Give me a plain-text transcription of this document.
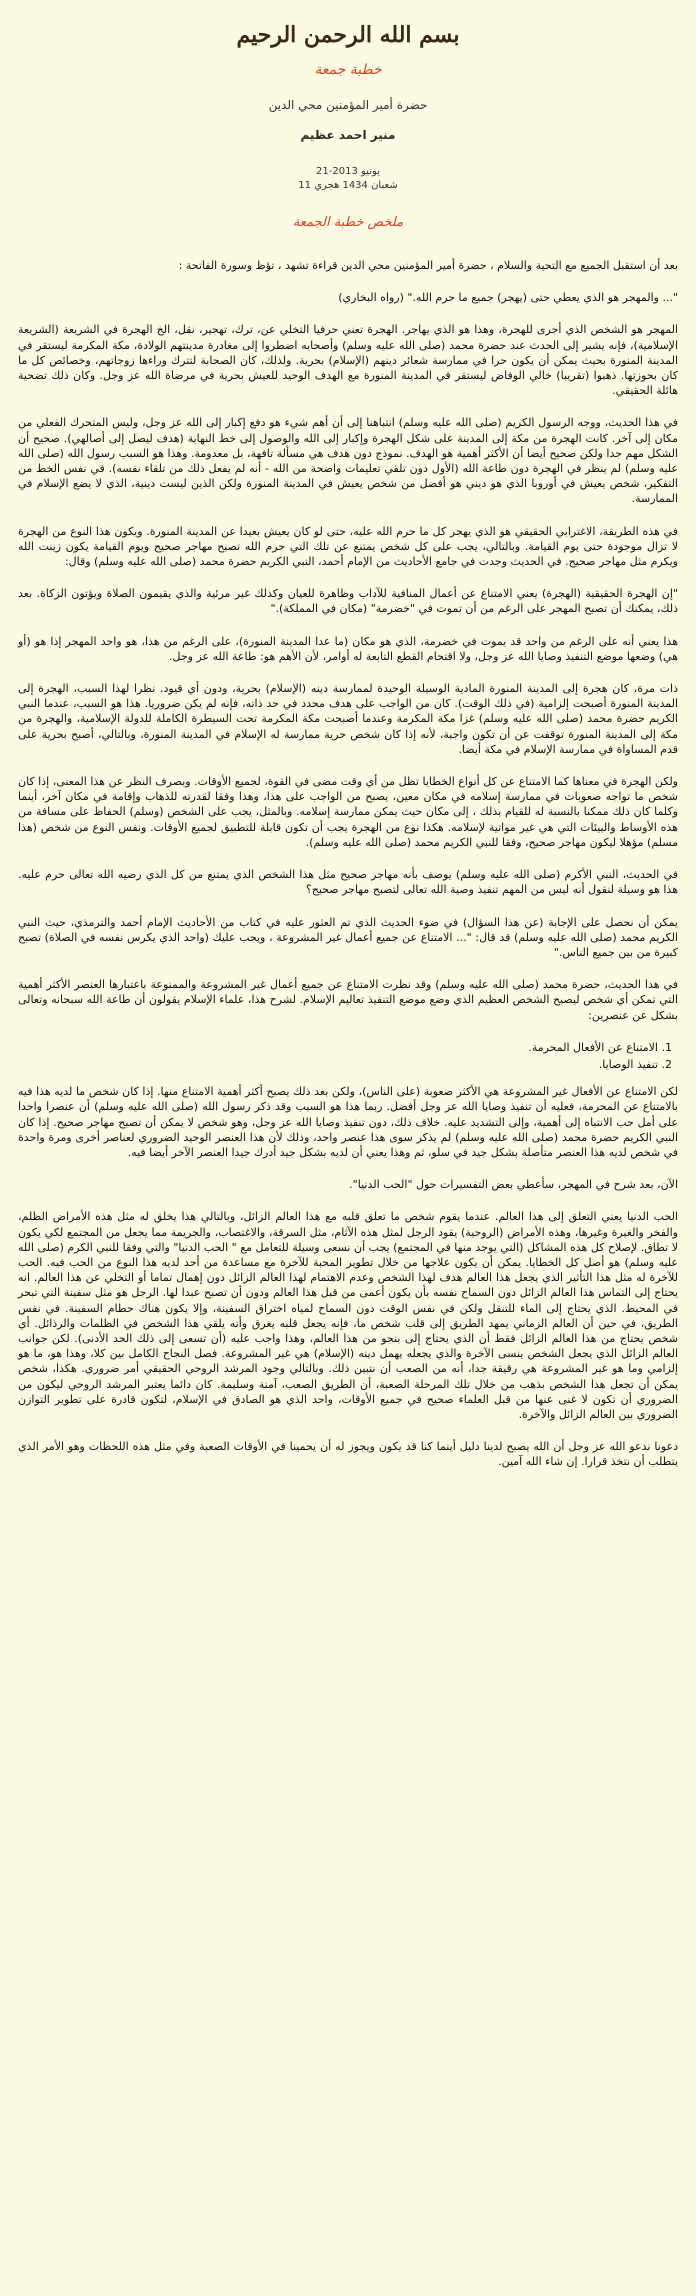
بسم الله الرحمن الرحيم
خطبة جمعة
حضرة أمير المؤمنين محي الدين
منير احمد عظيم
21-2013 يونيو
11 شعبان 1434 هجري
ملخص خطبة الجمعة

بعد أن استقبل الجميع مع التحية والسلام ، حضرة أمير المؤمنين محي الدين قراءة تشهد ، تؤظ وسورة الفاتحة :

"... والمهجر هو الذي يعطي حتى (يهجر) جميع ما حرم الله." (رواه البخاري)

المهجر هو الشخص الذي أجرى للهجرة، وهذا هو الذي يهاجر. الهجرة تعني حرفيا التخلي عن، ترك، تهجير، نقل، الخ الهجرة في الشريعة (الشريعة الإسلامية)، فإنه يشير إلى الحدث عند حضرة محمد (صلى الله عليه وسلم) وأصحابه اضطروا إلى مغادرة مدينتهم الولادة، مكة المكرمة ليستقر في المدينة المنورة بحيث يمكن أن يكون حرا في ممارسة شعائر دينهم (الإسلام) بحرية. ولذلك، كان الصحابة لتترك وراءها زوجاتهم، وخصائص كل ما كان بحوزتها. ذهبوا (تقريبا) خالي الوفاض ليستقر في المدينة المنورة مع الهدف الوحيد للعيش بحرية في مرضاة الله عز وجل. وكان ذلك تضحية هائلة الحقيقي.

في هذا الحديث، ووجه الرسول الكريم (صلى الله عليه وسلم) انتباهنا إلى أن أهم شيء هو دفع إكبار إلى الله عز وجل، وليس المتحرك الفعلي من مكان إلى آخر. كانت الهجرة من مكة إلى المدينة على شكل الهجرة وإكبار إلى الله والوصول إلى خط النهاية (هدف ليصل إلى أصالهي). صحيح أن الشكل مهم جدا ولكن صحيح أيضا أن الأكثر أهمية هو الهدف. نموذج دون هدف هي مسألة تافهة، بل معدومة. وهذا هو السبب رسول الله (صلى الله عليه وسلم) لم ينظر في الهجرة دون طاعة الله (الأول دون تلقي تعليمات واضحة من الله - أنه لم يفعل ذلك من تلقاء نفسه). في نفس الخط من التفكير، شخص يعيش في أوروبا الذي هو ديني هو أفضل من شخص يعيش في المدينة المنورة ولكن الذين ليست دينية، الذي لا يضع الإسلام في الممارسة.

في هذه الطريقة، الاغترابي الحقيقي هو الذي يهجر كل ما حرم الله عليه، حتى لو كان يعيش بعيدا عن المدينة المنورة. ويكون هذا النوع من الهجرة لا تزال موجودة حتى يوم القيامة. وبالتالي، يجب على كل شخص يمتنع عن تلك التي حرم الله تصبح مهاجر صحيح ويوم القيامة يكون زينت الله ويكرم مثل مهاجر صحيح. في الحديث وجدت في جامع الأحاديث من الإمام أحمد، النبي الكريم حضرة محمد (صلى الله عليه وسلم) وقال:

"إن الهجرة الحقيقية (الهجرة) يعني الامتناع عن أعمال المنافية للآداب وظاهرة للعيان وكذلك غير مرئية والذي يقيمون الصلاة ويؤتون الزكاة. بعد ذلك، يمكنك أن تصبح المهجر على الرغم من أن تموت في "خضرمة" (مكان في المملكة)."

هذا يعني أنه على الرغم من واحد قد يموت في خضرمة، الذي هو مكان (ما عدا المدينة المنورة)، على الرغم من هذا، هو واحد المهجر إذا هو (أو هي) وضعها موضع التنفيذ وصايا الله عز وجل، ولا اقتحام القطع التابعة له أوامر، لأن الأهم هو: طاعة الله عز وجل.

ذات مرة، كان هجرة إلى المدينة المنورة المادية الوسيلة الوحيدة لممارسة دينه (الإسلام) بحرية، ودون أي قيود. نظرا لهذا السبب، الهجرة إلى المدينة المنورة أصبحت إلزامية (في ذلك الوقت). كان من الواجب على هدف محدد في حد ذاته، فإنه لم يكن ضروريا. هذا هو السبب، عندما النبي الكريم حضرة محمد (صلى الله عليه وسلم) غزا مكة المكرمة وعندما أصبحت مكة المكرمة تحت السيطرة الكاملة للدولة الإسلامية، والهجرة من مكة إلى المدينة المنورة توقفت عن أن تكون واجبة، لأنه إذا كان شخص حرية ممارسة له الإسلام في المدينة المنورة، وبالتالي، أصبح بحرية على قدم المساواة في ممارسة الإسلام في مكة أيضا.

ولكن الهجرة في معناها كما الامتناع عن كل أنواع الخطايا تظل من أي وقت مضى في القوة، لجميع الأوقات. وبصرف النظر عن هذا المعنى، إذا كان شخص ما تواجه صعوبات في ممارسة إسلامه في مكان معين، يصبح من الواجب على هذا، وهذا وفقا لقدرته للذهاب وإقامة في مكان آخر، أينما وكلما كان ذلك ممكنا بالنسبة له للقيام بذلك ، إلى مكان حيث يمكن ممارسة إسلامه. وبالمثل، يجب على الشخص (وسلم) الحفاظ على مسافة من هذه الأوساط والبيئات التي هي غير مواتية لإسلامه. هكذا نوع من الهجرة يجب أن تكون قابلة للتطبيق لجميع الأوقات. ونفس النوع من شخص (هذا مسلم) مؤهلا ليكون مهاجر صحيح، وفقا للنبي الكريم محمد (صلى الله عليه وسلم).

في الحديث، النبي الأكرم (صلى الله عليه وسلم) يوصف بأنه مهاجر صحيح مثل هذا الشخص الذي يمتنع من كل الذي رضيه الله تعالى حرم عليه. هذا هو وسيلة لنقول أنه ليس من المهم تنفيذ وصية الله تعالى لتصبح مهاجر صحيح؟

يمكن أن نحصل على الإجابة (عن هذا السؤال) في ضوء الحديث الذي تم العثور عليه في كتاب من الأحاديث الإمام أحمد والترمذي، حيث النبي الكريم محمد (صلى الله عليه وسلم) قد قال: "... الامتناع عن جميع أعمال غير المشروعة ، ويجب عليك (واحد الذي يكرس نفسه في الصلاة) تصبح كبيرة من بين جميع الناس."

في هذا الحديث، حضرة محمد (صلى الله عليه وسلم) وقد نظرت الامتناع عن جميع أعمال غير المشروعة والممنوعة باعتبارها العنصر الأكثر أهمية التي تمكن أي شخص ليصبح الشخص العظيم الذي وضع موضع التنفيذ تعاليم الإسلام. لشرح هذا، علماء الإسلام يقولون أن طاعة الله سبحانه وتعالى بشكل عن عنصرين:

1. الامتناع عن الأفعال المحرمة.
2. تنفيذ الوصايا.

لكن الامتناع عن الأفعال غير المشروعة هي الأكثر صعوبة (على الناس)، ولكن بعد ذلك يصبح أكثر أهمية الامتناع منها. إذا كان شخص ما لديه هذا فيه بالامتناع عن المحرمة، فعليه أن تنفيذ وصايا الله عز وجل أفضل. ربما هذا هو السبب وقد ذكر رسول الله (صلى الله عليه وسلم) أن عنصرا واحدا على أمل حب الانتباه إلى أهمية، وإلى التشديد عليه. خلاف ذلك، دون تنفيذ وصايا الله عز وجل، وهو شخص لا يمكن أن تصبح مهاجر صحيح. إذا كان النبي الكريم حضرة محمد (صلى الله عليه وسلم) لم يذكر سوى هذا عنصر واحد، وذلك لأن هذا العنصر الوحيد الضروري لعناصر أخرى ومرة واحدة في شخص لديه هذا العنصر متأصلة بشكل جيد في سلو، ثم وهذا يعني أن لديه بشكل جيد أدرك جيدا العنصر الآخر أيضا فيه.

الآن، بعد شرح في المهجر، سأعطي بعض التفسيرات حول "الحب الدنيا".

الحب الدنيا يعني التعلق إلى هذا العالم. عندما يقوم شخص ما تعلق قلبه مع هذا العالم الزائل، وبالتالي هذا يخلق له مثل هذه الأمراض الظلم، والفخر والغيرة وغيرها، وهذه الأمراض (الروحية) يقود الرجل لمثل هذه الآثام، مثل السرقة، والاغتصاب، والجريمة مما يجعل من المجتمع لكي يكون لا تطاق. لإصلاح كل هذه المشاكل (التي يوجد منها في المجتمع) يجب أن نسعى وسيلة للتعامل مع " الحب الدنيا" والتي وفقا للنبي الكرم (صلى الله عليه وسلم) هو أصل كل الخطايا. يمكن أن يكون علاجها من خلال تطوير المحبة للآخرة مع مساعدة من أحد لديه هذا النوع من الحب فيه. الحب للآخرة له مثل هذا التأثير الذي يجعل هذا العالم هدف لهذا الشخص وعدم الاهتمام لهذا العالم الزائل دون إهمال تماما أو التخلي عن هذا العالم. انه يحتاج إلى التماس هذا العالم الزائل دون السماح نفسه بأن يكون أعمى من قبل هذا العالم ودون أن تصبح عبدا لها. الرجل هو مثل سفينة التي تبحر في المحيط. الذي يحتاج إلى الماء للتنقل ولكن في نفس الوقت دون السماح لمياه اختراق السفينة، وإلا يكون هناك حطام السفينة. في نفس الطريق، في حين أن العالم الزماني يمهد الطريق إلى قلب شخص ما، فإنه يجعل قلبه يغرق وأنه يلقي هذا الشخص في الظلمات والرذائل. أي شخص يحتاج من هذا العالم الزائل فقط أن الذي يحتاج إلى بنجو من هذا العالم، وهذا واجب عليه (أن تسعى إلى ذلك الحد الأدنى). لكن جوانب العالم الزائل الذي يجعل الشخص ينسى الآخرة والذي يجعله يهمل دينه (الإسلام) هي غير المشروعة. فصل النجاح الكامل بين كلا، وهذا هو، ما هو إلزامي وما هو غير المشروعة هي رقيقة جدا، أنه من الصعب أن نتبين ذلك. وبالتالي وجود المرشد الروحي الحقيقي أمر ضروري. هكذا، شخص يمكن أن تجعل هذا الشخص بذهب من خلال تلك المرحلة الصعبة، أن الطريق الصعب، آمنة وسليمة. كان دائما يعتبر المرشد الروحي ليكون من الضروري أن تكون لا غنى عنها من قبل العلماء صحيح في جميع الأوقات، واحد الذي هو الصادق في الإسلام، لتكون قادرة على تطوير التوازن الضروري بين العالم الزائل والآخرة.

دعونا ندعو الله عز وجل أن الله يصبح لدينا دليل أينما كنا قد يكون ويجوز له أن يحمينا في الأوقات الصعبة وفي مثل هذه اللحظات وهو الأمر الذي يتطلب أن نتخذ قرارا. إن شاء الله آمين.
